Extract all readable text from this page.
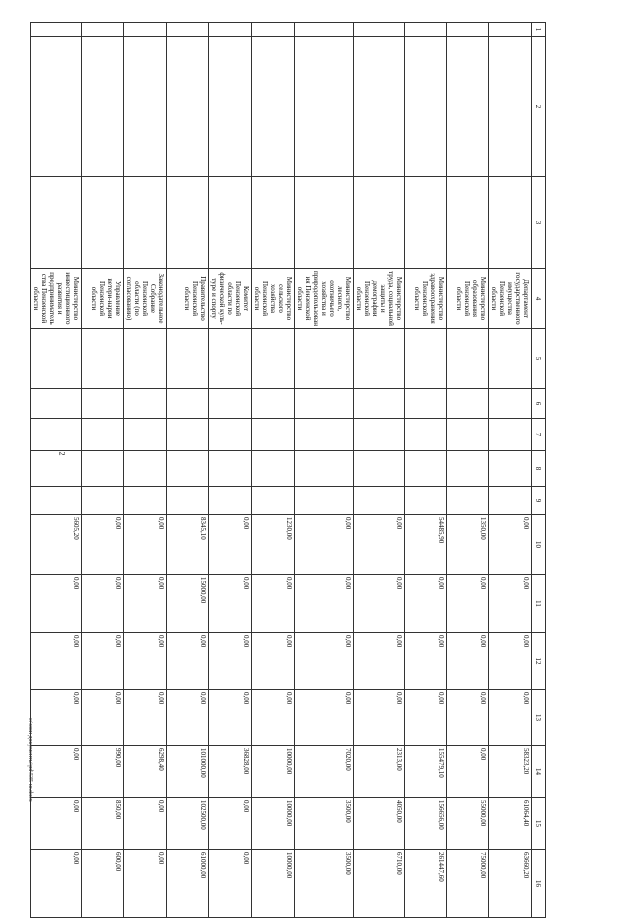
2
c:\мои документы\pd\535-ш.docx
1	2	3	4	5	6	7	8	9	10	11	12	13	14	15	16
			Департамент государственного имущества Пензенской области						0,00	0,00	0,00	0,00	58323,20	61064,40	63660,20
			Министерство образования Пензенской области						1350,00	0,00	0,00	0,00	0,00	55000,00	75000,00
			Министерство здравоохранения Пензенской области						54485,90	0,00	0,00	0,00	155479,10	156656,00	261447,60
			Министерство труда, социальной защиты и демографии Пензенской области						0,00	0,00	0,00	0,00	2313,00	4050,00	6710,00
			Министерство лесного, охотничьего хозяйства и природопользования Пензенской области						0,00	0,00	0,00	0,00	7020,00	3500,00	3500,00
			Министерство сельского хозяйства Пензенской области						1230,00	0,00	0,00	0,00	10000,00	10000,00	10000,00
			Комитет Пензенской области по физической куль-туре и спорту						0,00	0,00	0,00	0,00	36828,00	0,00	0,00
			Правительство Пензенской области						8345,10	15000,00	0,00	0,00	101000,00	102500,00	61000,00
			Законодательное Собрание Пензенской области (по согласованию)						0,00	0,00	0,00	0,00	6298,40	0,00	0,00
			Управление ветери-нарии Пензенской области						0,00	0,00	0,00	0,00	990,00	850,00	600,00
			Министерство инвестиционного развития и предпринимательства Пензенской области						5605,20	0,00	0,00	0,00	0,00	0,00	0,00
